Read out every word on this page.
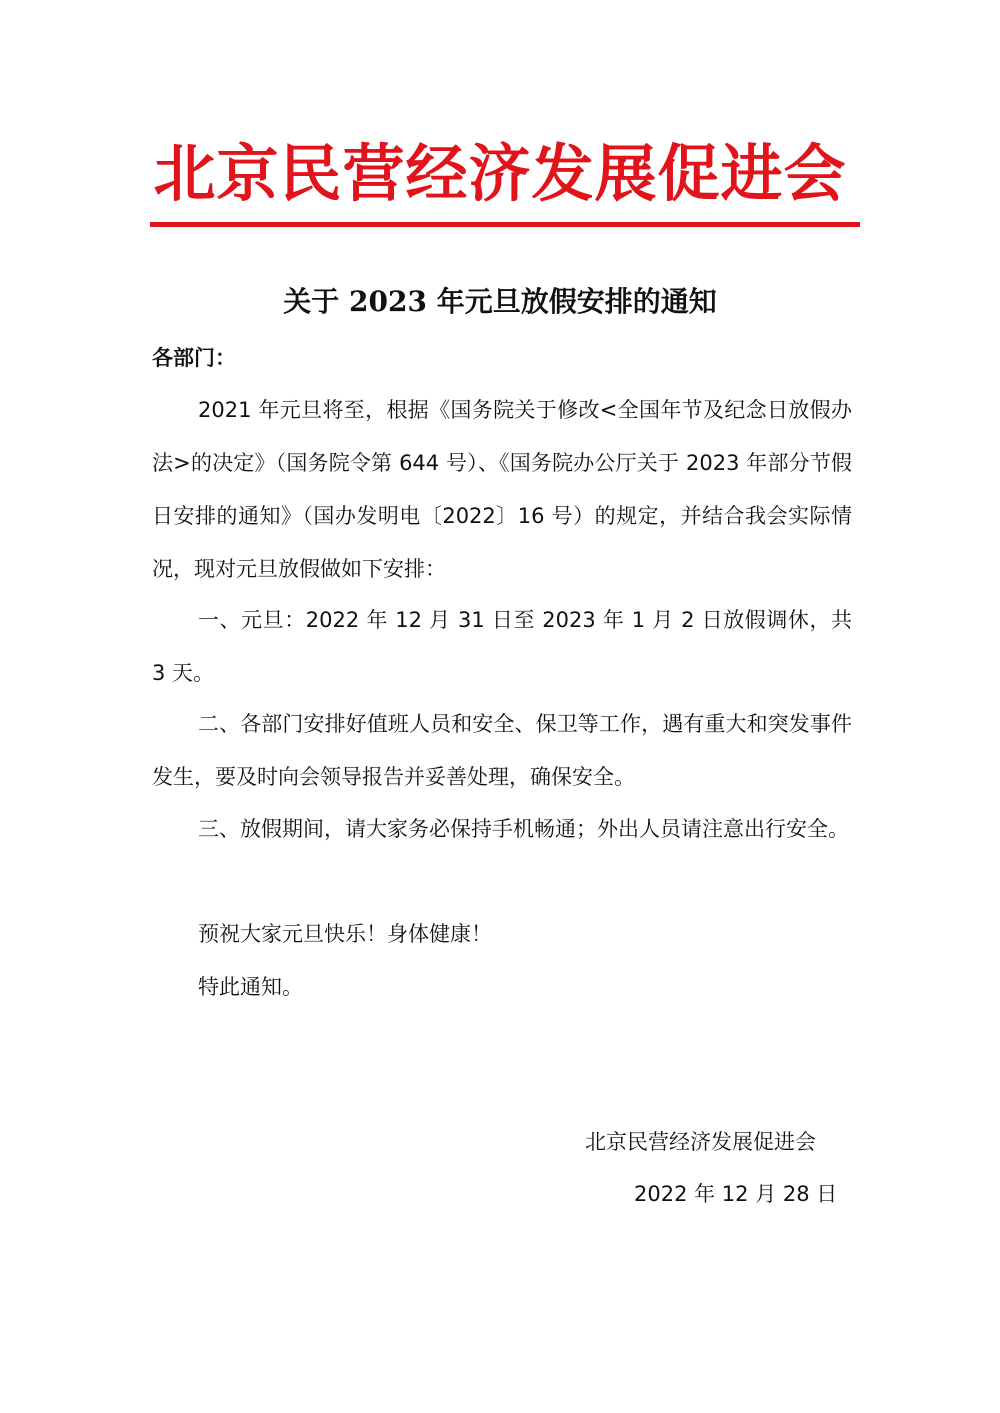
北京民营经济发展促进会
关于 2023 年元旦放假安排的通知
各部门：

2021 年元旦将至，根据《国务院关于修改<全国年节及纪念日放假办法>的决定》（国务院令第 644 号）、《国务院办公厅关于 2023 年部分节假日安排的通知》（国办发明电〔2022〕16 号）的规定，并结合我会实际情况，现对元旦放假做如下安排：

一、元旦：2022 年 12 月 31 日至 2023 年 1 月 2 日放假调休，共 3 天。

二、各部门安排好值班人员和安全、保卫等工作，遇有重大和突发事件发生，要及时向会领导报告并妥善处理，确保安全。

三、放假期间，请大家务必保持手机畅通；外出人员请注意出行安全。

预祝大家元旦快乐！身体健康！

特此通知。

北京民营经济发展促进会
2022 年 12 月 28 日
